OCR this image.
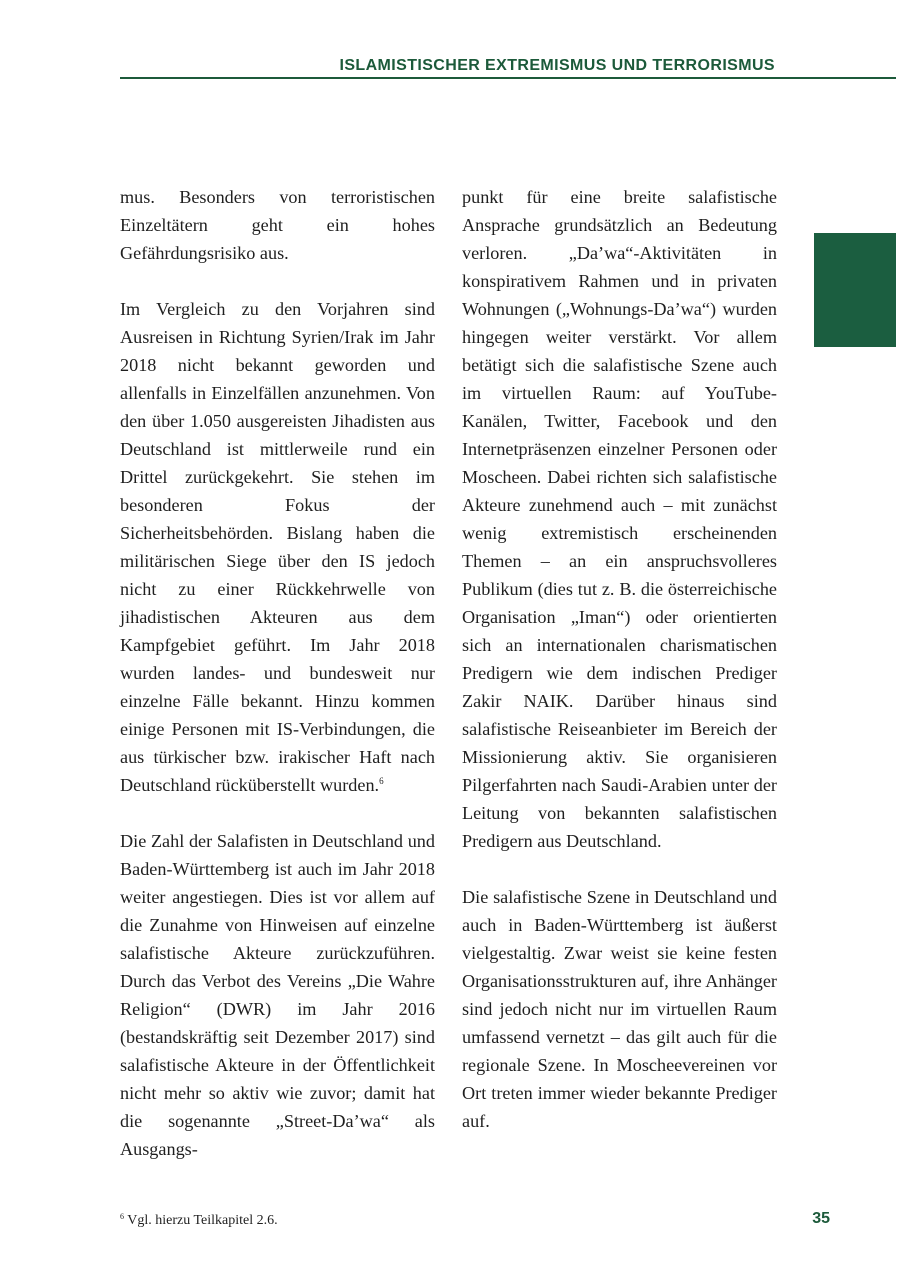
ISLAMISTISCHER EXTREMISMUS UND TERRORISMUS

mus. Besonders von terroristischen Einzeltätern geht ein hohes Gefährdungsrisiko aus.

Im Vergleich zu den Vorjahren sind Ausreisen in Richtung Syrien/Irak im Jahr 2018 nicht bekannt geworden und allenfalls in Einzelfällen anzunehmen. Von den über 1.050 ausgereisten Jihadisten aus Deutschland ist mittlerweile rund ein Drittel zurückgekehrt. Sie stehen im besonderen Fokus der Sicherheitsbehörden. Bislang haben die militärischen Siege über den IS jedoch nicht zu einer Rückkehrwelle von jihadistischen Akteuren aus dem Kampfgebiet geführt. Im Jahr 2018 wurden landes- und bundesweit nur einzelne Fälle bekannt. Hinzu kommen einige Personen mit IS-Verbindungen, die aus türkischer bzw. irakischer Haft nach Deutschland rücküberstellt wurden.$^6$

Die Zahl der Salafisten in Deutschland und Baden-Württemberg ist auch im Jahr 2018 weiter angestiegen. Dies ist vor allem auf die Zunahme von Hinweisen auf einzelne salafistische Akteure zurückzuführen. Durch das Verbot des Vereins „Die Wahre Religion“ (DWR) im Jahr 2016 (bestandskräftig seit Dezember 2017) sind salafistische Akteure in der Öffentlichkeit nicht mehr so aktiv wie zuvor; damit hat die sogenannte „Street-Da’wa“ als Ausgangs-

punkt für eine breite salafistische Ansprache grundsätzlich an Bedeutung verloren. „Da’wa“-Aktivitäten in konspirativem Rahmen und in privaten Wohnungen („Wohnungs-Da’wa“) wurden hingegen weiter verstärkt. Vor allem betätigt sich die salafistische Szene auch im virtuellen Raum: auf YouTube-Kanälen, Twitter, Facebook und den Internetpräsenzen einzelner Personen oder Moscheen. Dabei richten sich salafistische Akteure zunehmend auch – mit zunächst wenig extremistisch erscheinenden Themen – an ein anspruchsvolleres Publikum (dies tut z. B. die österreichische Organisation „Iman“) oder orientierten sich an internationalen charismatischen Predigern wie dem indischen Prediger Zakir NAIK. Darüber hinaus sind salafistische Reiseanbieter im Bereich der Missionierung aktiv. Sie organisieren Pilgerfahrten nach Saudi-Arabien unter der Leitung von bekannten salafistischen Predigern aus Deutschland.

Die salafistische Szene in Deutschland und auch in Baden-Württemberg ist äußerst vielgestaltig. Zwar weist sie keine festen Organisationsstrukturen auf, ihre Anhänger sind jedoch nicht nur im virtuellen Raum umfassend vernetzt – das gilt auch für die regionale Szene. In Moscheevereinen vor Ort treten immer wieder bekannte Prediger auf.

$^6$ Vgl. hierzu Teilkapitel 2.6.	35
